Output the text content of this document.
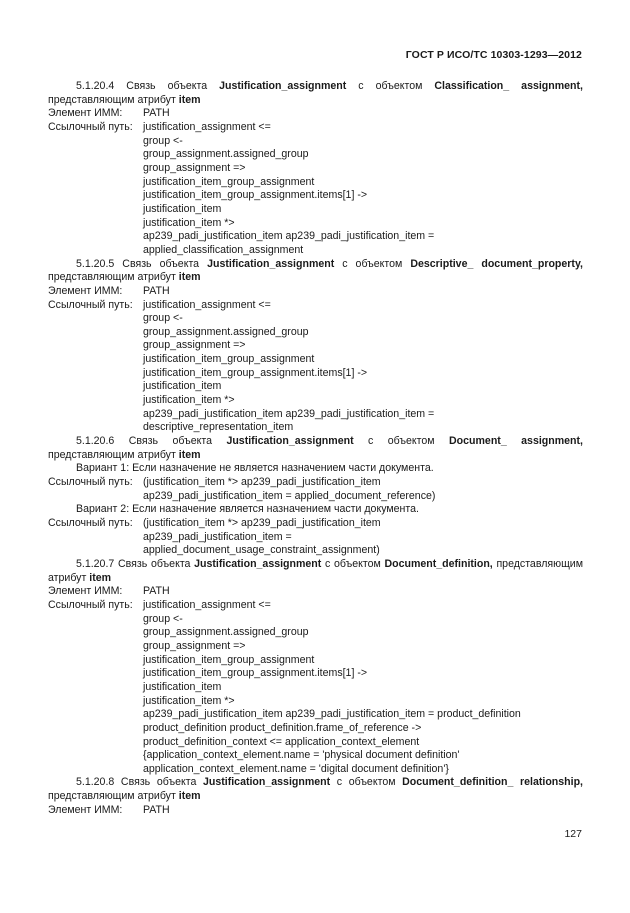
ГОСТ Р ИСО/ТС 10303-1293—2012
5.1.20.4 Связь объекта Justification_assignment с объектом Classification_ assignment, представляющим атрибут item
Элемент ИММ:	PATH
Ссылочный путь: justification_assignment <=
group <-
group_assignment.assigned_group
group_assignment =>
justification_item_group_assignment
justification_item_group_assignment.items[1] ->
justification_item
justification_item *>
ap239_padi_justification_item ap239_padi_justification_item =
applied_classification_assignment
5.1.20.5 Связь объекта Justification_assignment с объектом Descriptive_ document_property, представляющим атрибут item
Элемент ИММ:	PATH
Ссылочный путь: justification_assignment <=
group <-
group_assignment.assigned_group
group_assignment =>
justification_item_group_assignment
justification_item_group_assignment.items[1] ->
justification_item
justification_item *>
ap239_padi_justification_item ap239_padi_justification_item =
descriptive_representation_item
5.1.20.6 Связь объекта Justification_assignment с объектом Document_ assignment, представляющим атрибут item
Вариант 1: Если назначение не является назначением части документа.
Ссылочный путь: (justification_item *> ap239_padi_justification_item
ap239_padi_justification_item = applied_document_reference)
Вариант 2: Если назначение является назначением части документа.
Ссылочный путь: (justification_item *> ap239_padi_justification_item
ap239_padi_justification_item =
applied_document_usage_constraint_assignment)
5.1.20.7 Связь объекта Justification_assignment с объектом Document_definition, представляющим атрибут item
Элемент ИММ:	PATH
Ссылочный путь: justification_assignment <=
group <-
group_assignment.assigned_group
group_assignment =>
justification_item_group_assignment
justification_item_group_assignment.items[1] ->
justification_item
justification_item *>
ap239_padi_justification_item ap239_padi_justification_item = product_definition
product_definition product_definition.frame_of_reference ->
product_definition_context <= application_context_element
{application_context_element.name = 'physical document definition'
application_context_element.name = 'digital document definition'}
5.1.20.8 Связь объекта Justification_assignment с объектом Document_definition_ relationship, представляющим атрибут item
Элемент ИММ:	PATH
127
